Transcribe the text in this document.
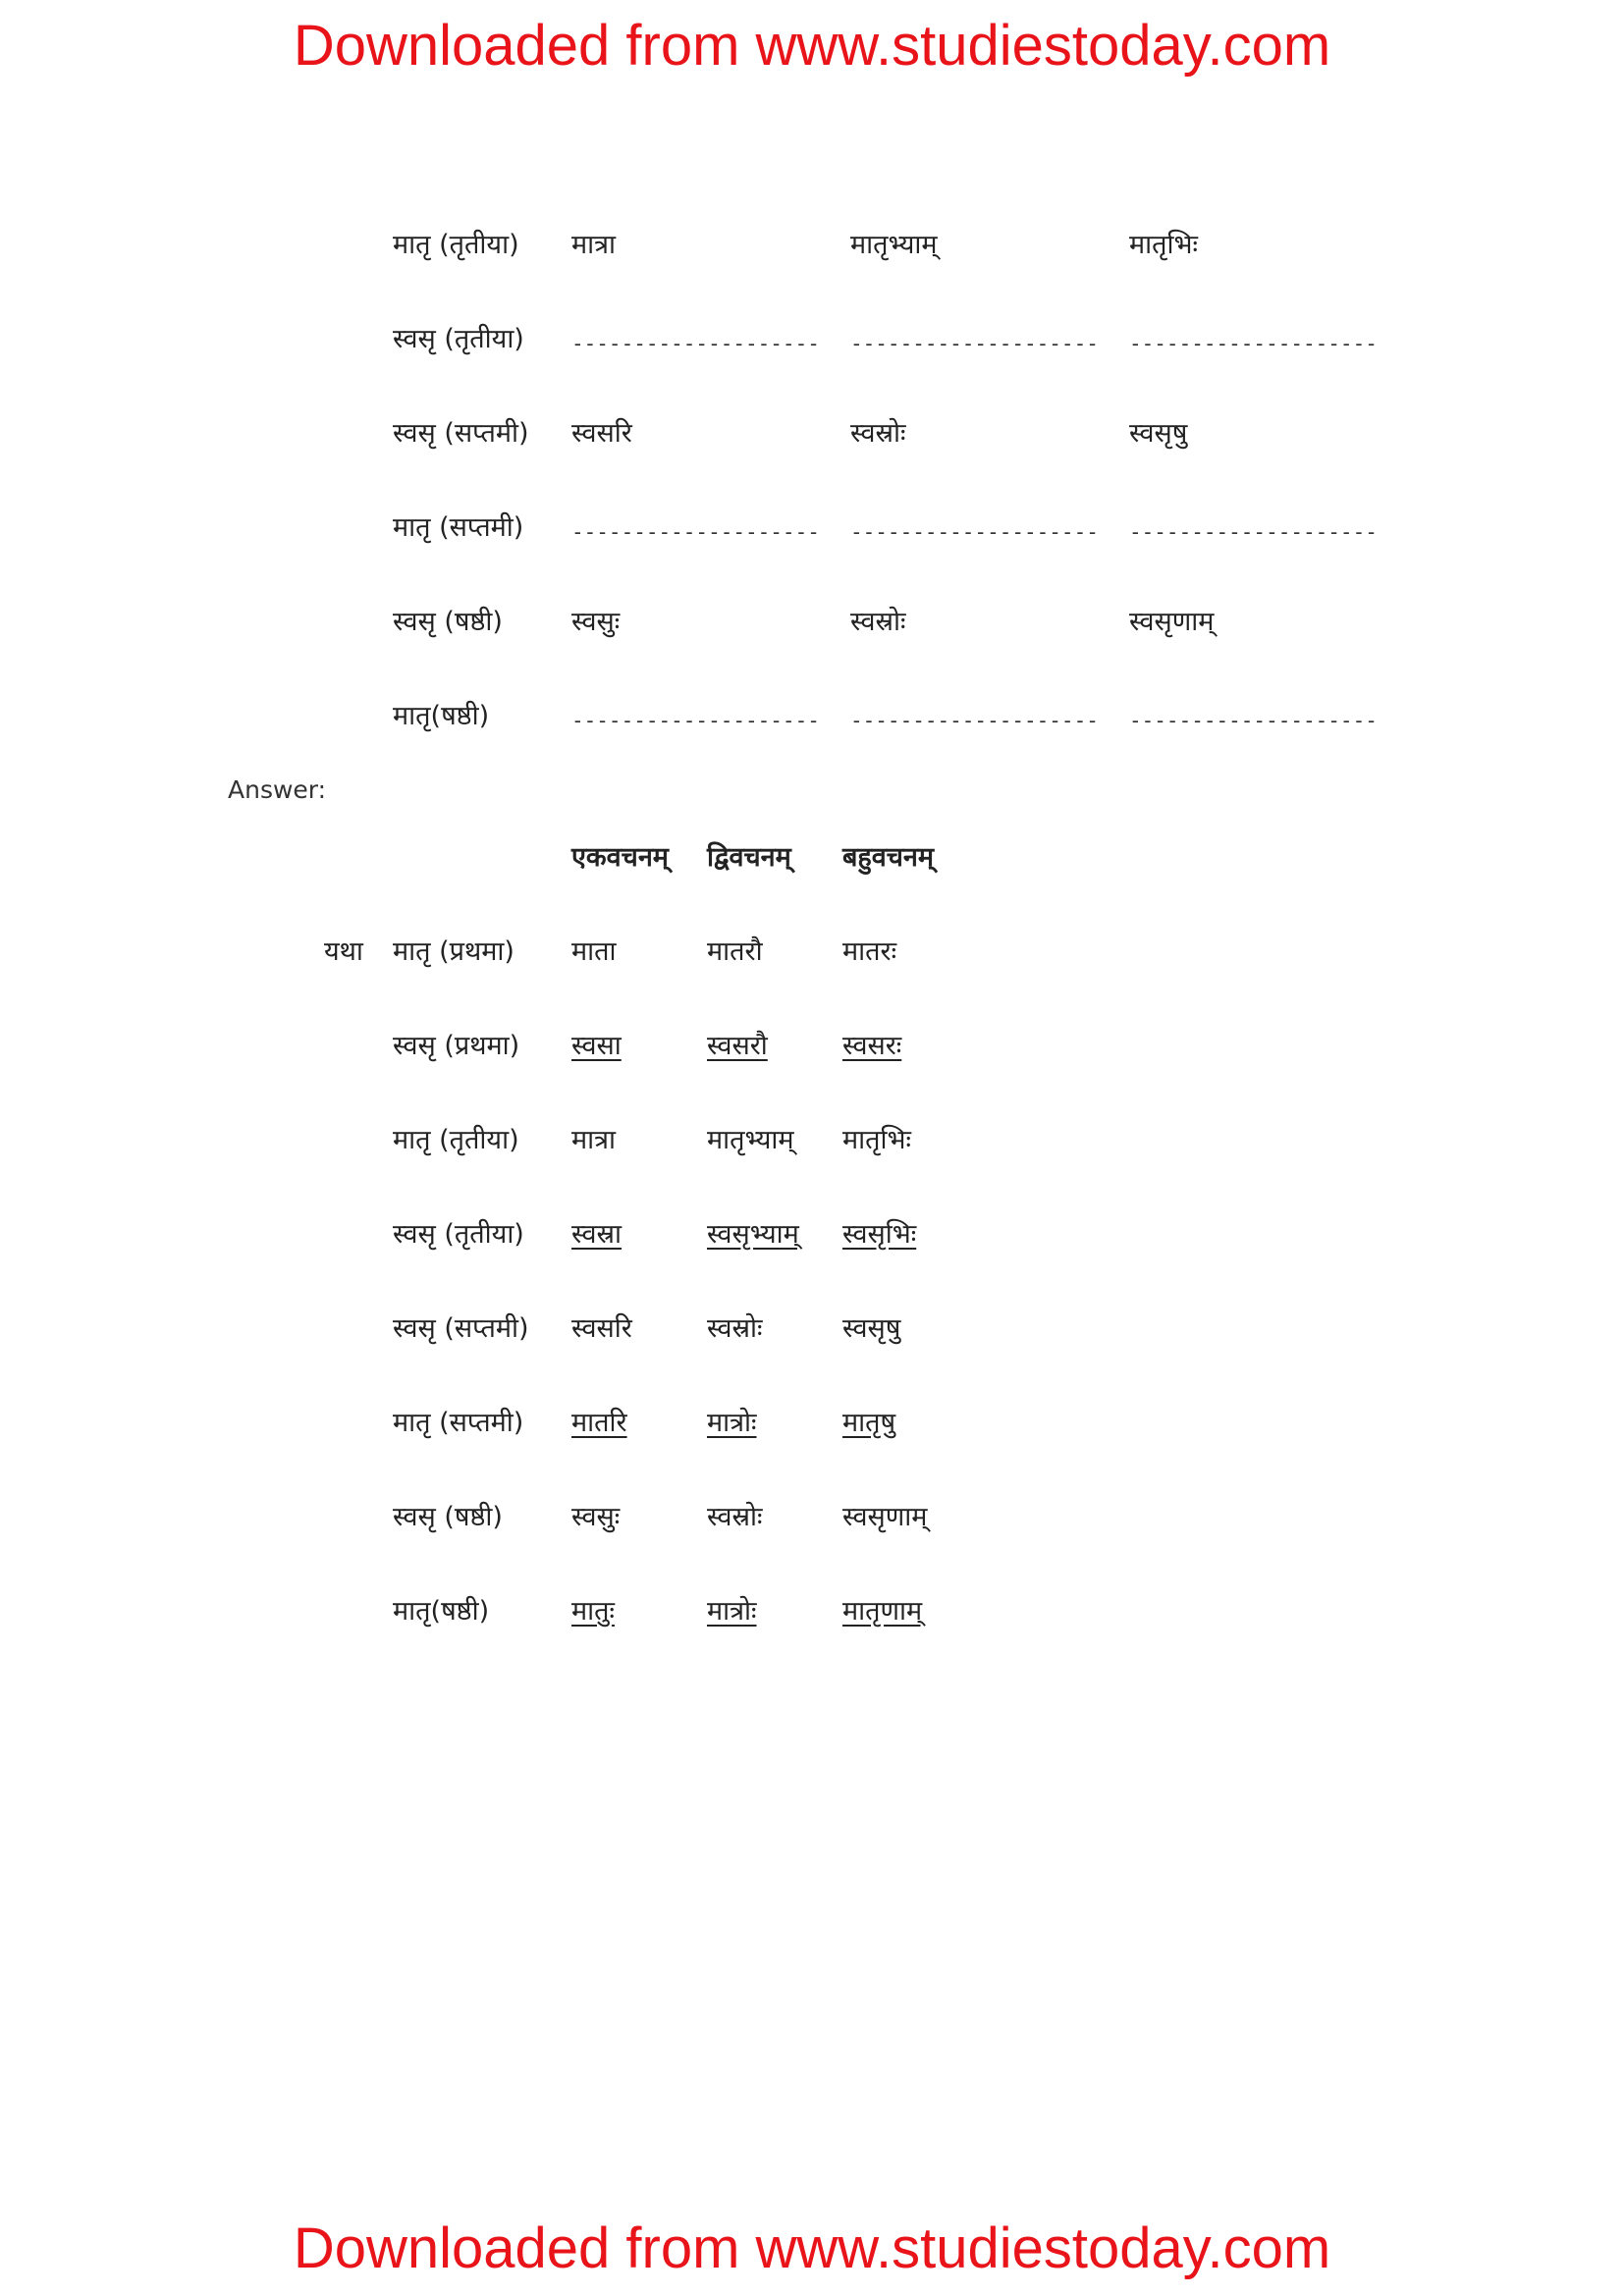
Downloaded from www.studiestoday.com
मातृ (तृतीया) मात्रा	मातृभ्याम्	मातृभिः
स्वसृ (तृतीया) -------------------- -------------------- --------------------
स्वसृ (सप्तमी) स्वसरि	स्वस्रोः	स्वसृषु
मातृ (सप्तमी) -------------------- -------------------- --------------------
स्वसृ (षष्ठी)	स्वसुः	स्वस्रोः	स्वसृणाम्
मातृ(षष्ठी)	-------------------- -------------------- --------------------
Answer:
एकवचनम् द्विवचनम् बहुवचनम्
यथा मातृ (प्रथमा) माता	मातरौ	मातरः
स्वसृ (प्रथमा) स्वसा	स्वसरौ	स्वसरः
मातृ (तृतीया) मात्रा	मातृभ्याम् मातृभिः
स्वसृ (तृतीया) स्वस्रा	स्वसृभ्याम् स्वसृभिः
स्वसृ (सप्तमी) स्वसरि	स्वस्रोः	स्वसृषु
मातृ (सप्तमी) मातरि	मात्रोः	मातृषु
स्वसृ (षष्ठी)	स्वसुः	स्वस्रोः	स्वसृणाम्
मातृ(षष्ठी)	मातुः	मात्रोः	मातृणाम्
Downloaded from www.studiestoday.com
